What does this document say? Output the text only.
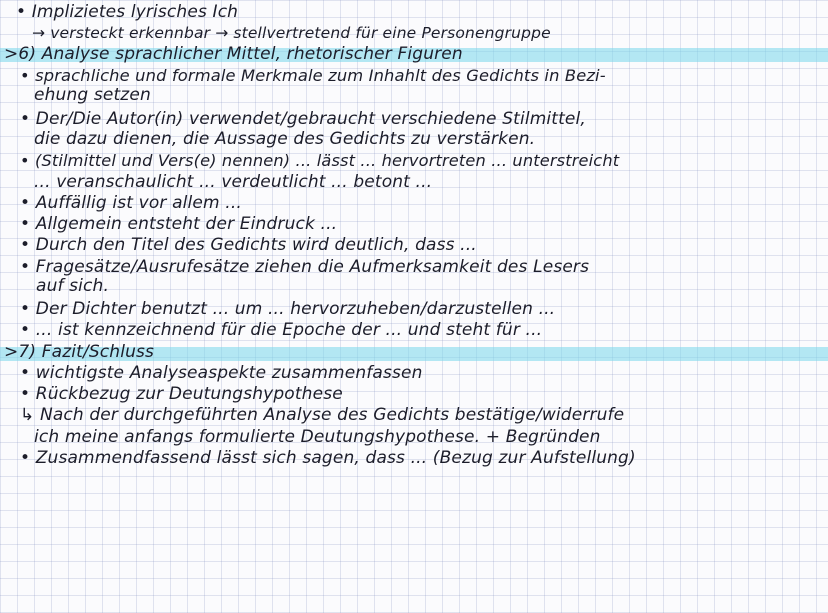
• Implizietes lyrisches Ich
→ versteckt erkennbar → stellvertretend für eine Personengruppe
>6) Analyse sprachlicher Mittel, rhetorischer Figuren
• sprachliche und formale Merkmale zum Inhahlt des Gedichts in Bezi-
ehung setzen
• Der/Die Autor(in) verwendet/gebraucht verschiedene Stilmittel,
die dazu dienen, die Aussage des Gedichts zu verstärken.
• (Stilmittel und Vers(e) nennen) ... lässt ... hervortreten ... unterstreicht
... veranschaulicht ... verdeutlicht ... betont ...
• Auffällig ist vor allem ...
• Allgemein entsteht der Eindruck ...
• Durch den Titel des Gedichts wird deutlich, dass ...
• Fragesätze/Ausrufesätze ziehen die Aufmerksamkeit des Lesers
auf sich.
• Der Dichter benutzt ... um ... hervorzuheben/darzustellen ...
• ... ist kennzeichnend für die Epoche der ... und steht für ...
>7) Fazit/Schluss
• wichtigste Analyseaspekte zusammenfassen
• Rückbezug zur Deutungshypothese
↳ Nach der durchgeführten Analyse des Gedichts bestätige/widerrufe
ich meine anfangs formulierte Deutungshypothese. + Begründen
• Zusammendfassend lässt sich sagen, dass ... (Bezug zur Aufstellung)
